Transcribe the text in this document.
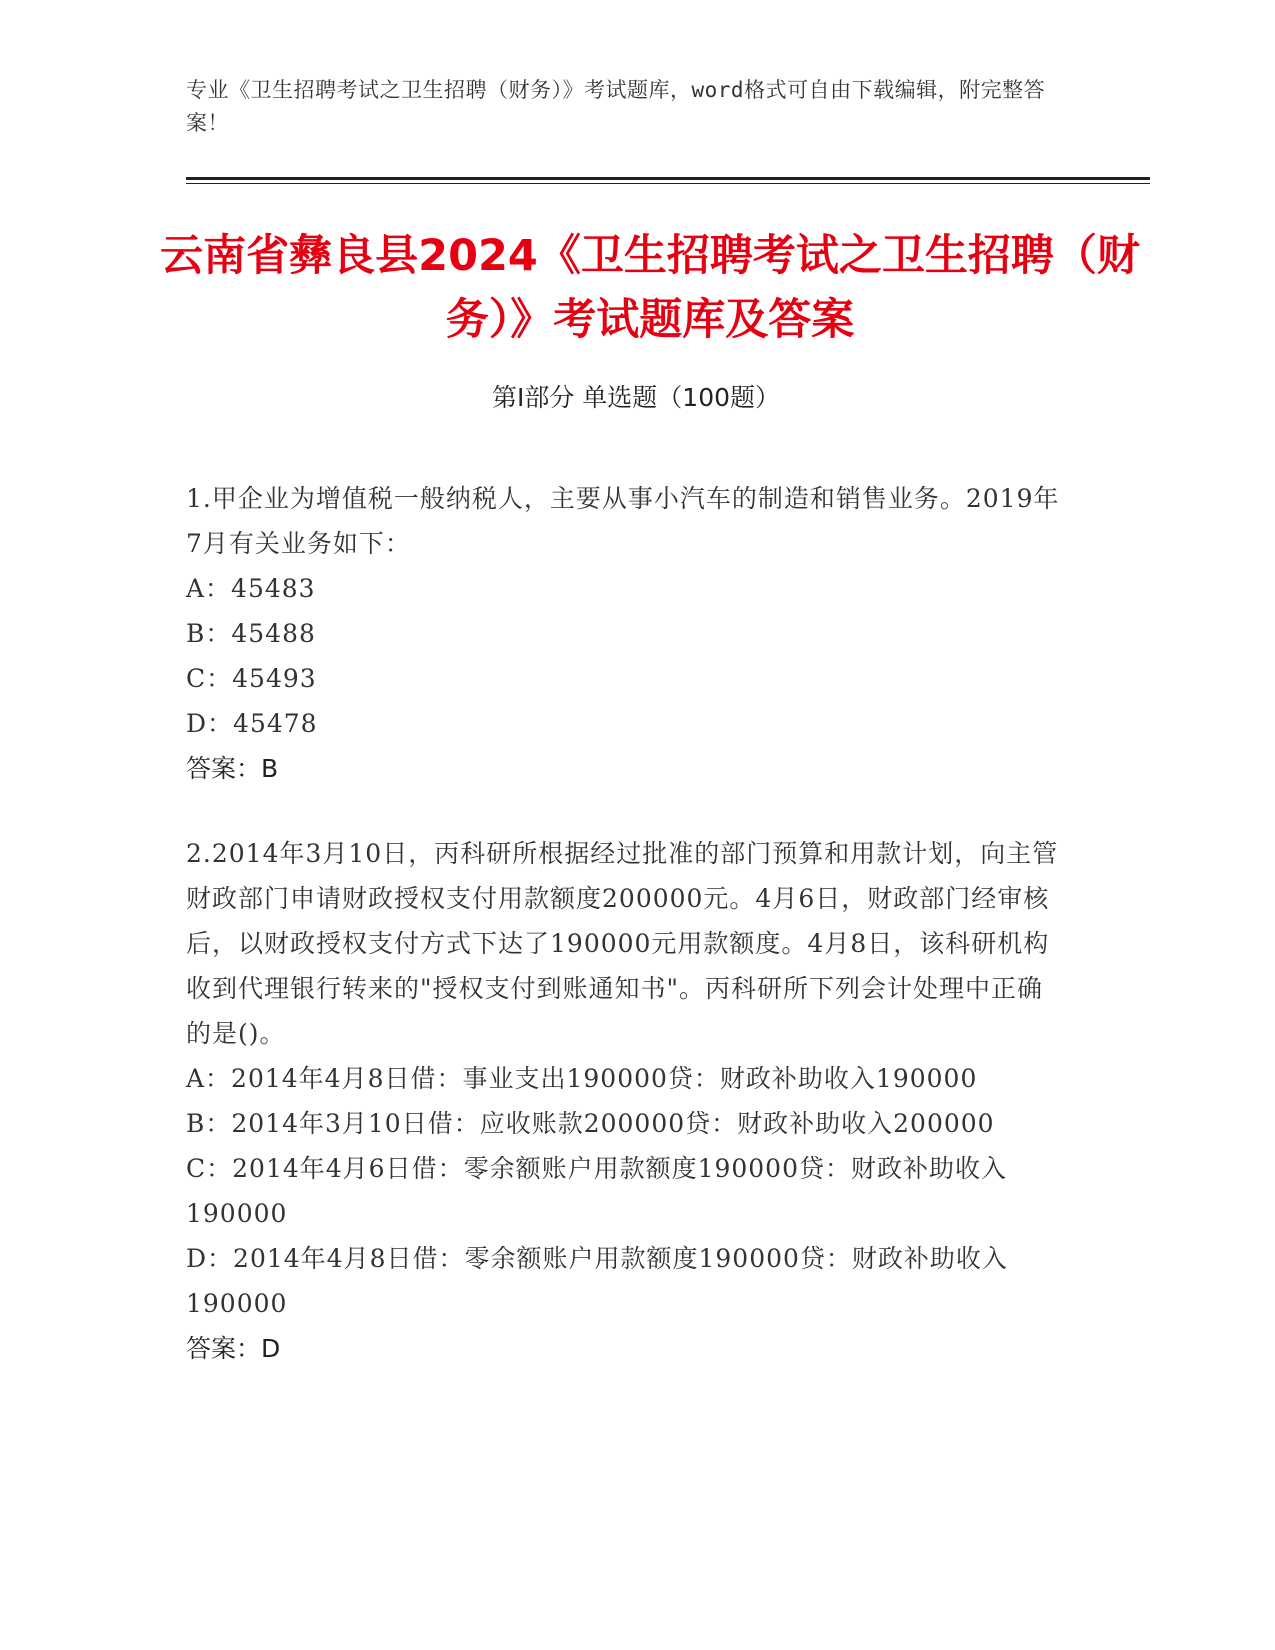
专业《卫生招聘考试之卫生招聘（财务）》考试题库，word格式可自由下载编辑，附完整答案！
云南省彝良县2024《卫生招聘考试之卫生招聘（财务）》考试题库及答案
第Ⅰ部分 单选题（100题）

1.甲企业为增值税一般纳税人，主要从事小汽车的制造和销售业务。2019年7月有关业务如下：

A：45483

B：45488

C：45493

D：45478

答案：B

2.2014年3月10日，丙科研所根据经过批准的部门预算和用款计划，向主管财政部门申请财政授权支付用款额度200000元。4月6日，财政部门经审核后，以财政授权支付方式下达了190000元用款额度。4月8日，该科研机构收到代理银行转来的"授权支付到账通知书"。丙科研所下列会计处理中正确的是()。

A：2014年4月8日借：事业支出190000贷：财政补助收入190000

B：2014年3月10日借：应收账款200000贷：财政补助收入200000

C：2014年4月6日借：零余额账户用款额度190000贷：财政补助收入190000

D：2014年4月8日借：零余额账户用款额度190000贷：财政补助收入190000

答案：D
